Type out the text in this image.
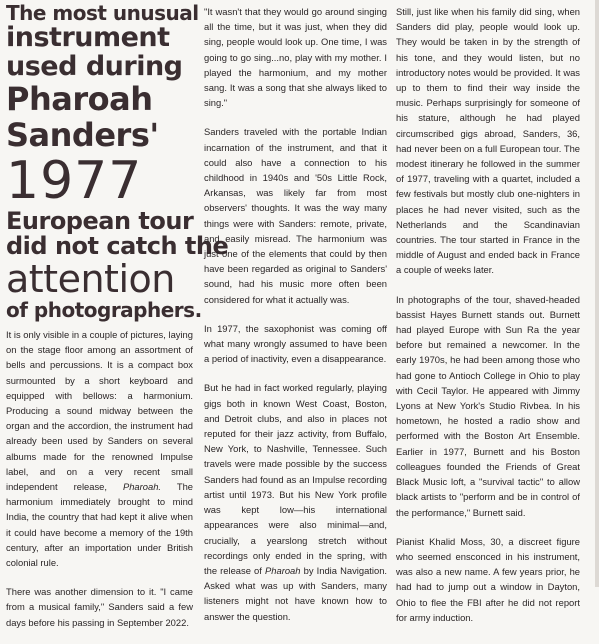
The most unusual
instrument
used during
Pharoah
Sanders'
1977
European tour
did not catch the
attention
of photographers.

It is only visible in a couple of pictures, laying on the stage floor among an assortment of bells and percussions. It is a compact box surmounted by a short keyboard and equipped with bellows: a harmonium. Producing a sound midway between the organ and the accordion, the instrument had already been used by Sanders on several albums made for the renowned Impulse label, and on a very recent small independent release, Pharoah. The harmonium immediately brought to mind India, the country that had kept it alive when it could have become a memory of the 19th century, after an importation under British colonial rule.

There was another dimension to it. "I came from a musical family," Sanders said a few days before his passing in September 2022.

"It wasn't that they would go around singing all the time, but it was just, when they did sing, people would look up. One time, I was going to go sing...no, play with my mother. I played the harmonium, and my mother sang. It was a song that she always liked to sing."

Sanders traveled with the portable Indian incarnation of the instrument, and that it could also have a connection to his childhood in 1940s and '50s Little Rock, Arkansas, was likely far from most observers' thoughts. It was the way many things were with Sanders: remote, private, and easily misread. The harmonium was just one of the elements that could by then have been regarded as original to Sanders' sound, had his music more often been considered for what it actually was.

In 1977, the saxophonist was coming off what many wrongly assumed to have been a period of inactivity, even a disappearance.

But he had in fact worked regularly, playing gigs both in known West Coast, Boston, and Detroit clubs, and also in places not reputed for their jazz activity, from Buffalo, New York, to Nashville, Tennessee. Such travels were made possible by the success Sanders had found as an Impulse recording artist until 1973. But his New York profile was kept low—his international appearances were also minimal—and, crucially, a yearslong stretch without recordings only ended in the spring, with the release of Pharoah by India Navigation. Asked what was up with Sanders, many listeners might not have known how to answer the question.

Still, just like when his family did sing, when Sanders did play, people would look up. They would be taken in by the strength of his tone, and they would listen, but no introductory notes would be provided. It was up to them to find their way inside the music. Perhaps surprisingly for someone of his stature, although he had played circumscribed gigs abroad, Sanders, 36, had never been on a full European tour. The modest itinerary he followed in the summer of 1977, traveling with a quartet, included a few festivals but mostly club one-nighters in places he had never visited, such as the Netherlands and the Scandinavian countries. The tour started in France in the middle of August and ended back in France a couple of weeks later.

In photographs of the tour, shaved-headed bassist Hayes Burnett stands out. Burnett had played Europe with Sun Ra the year before but remained a newcomer. In the early 1970s, he had been among those who had gone to Antioch College in Ohio to play with Cecil Taylor. He appeared with Jimmy Lyons at New York's Studio Rivbea. In his hometown, he hosted a radio show and performed with the Boston Art Ensemble. Earlier in 1977, Burnett and his Boston colleagues founded the Friends of Great Black Music loft, a "survival tactic" to allow black artists to "perform and be in control of the performance," Burnett said.

Pianist Khalid Moss, 30, a discreet figure who seemed ensconced in his instrument, was also a new name. A few years prior, he had had to jump out a window in Dayton, Ohio to flee the FBI after he did not report for army induction.
